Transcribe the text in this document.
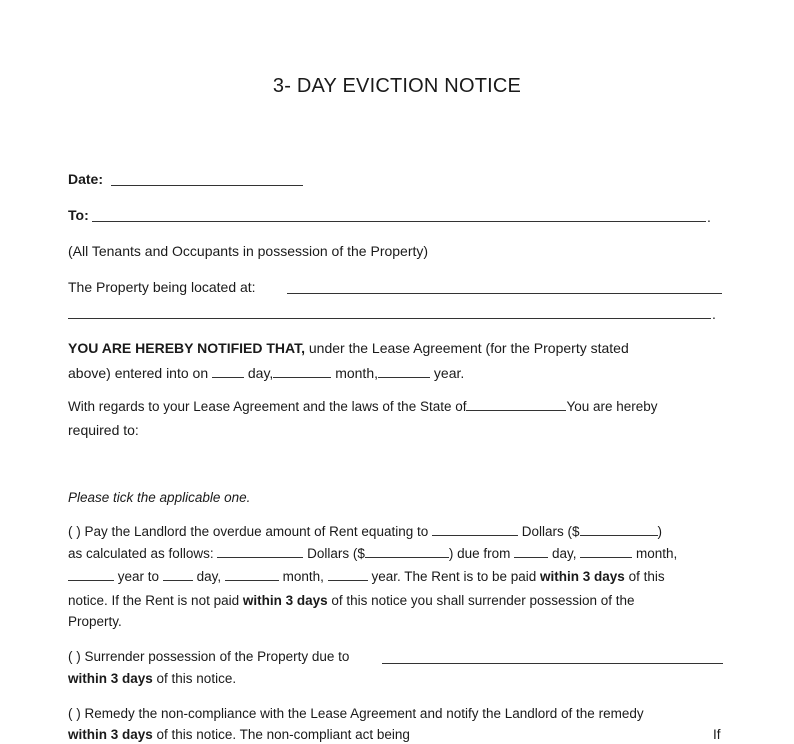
3- DAY EVICTION NOTICE
Date:
To:	.
(All Tenants and Occupants in possession of the Property)
The Property being located at:
.
YOU ARE HEREBY NOTIFIED THAT, under the Lease Agreement (for the Property stated
above) entered into on  day,	month,	year.
With regards to your Lease Agreement and the laws of the State of	You are hereby
required to:
Please tick the applicable one.
( ) Pay the Landlord the overdue amount of Rent equating to	Dollars ($	)
as calculated as follows:	Dollars ($	) due from	day,	month,
year to	day,	month,	year. The Rent is to be paid within 3 days of this
notice. If the Rent is not paid within 3 days of this notice you shall surrender possession of the
Property.
( ) Surrender possession of the Property due to
within 3 days of this notice.
( ) Remedy the non-compliance with the Lease Agreement and notify the Landlord of the remedy
within 3 days of this notice. The non-compliant act being	If
